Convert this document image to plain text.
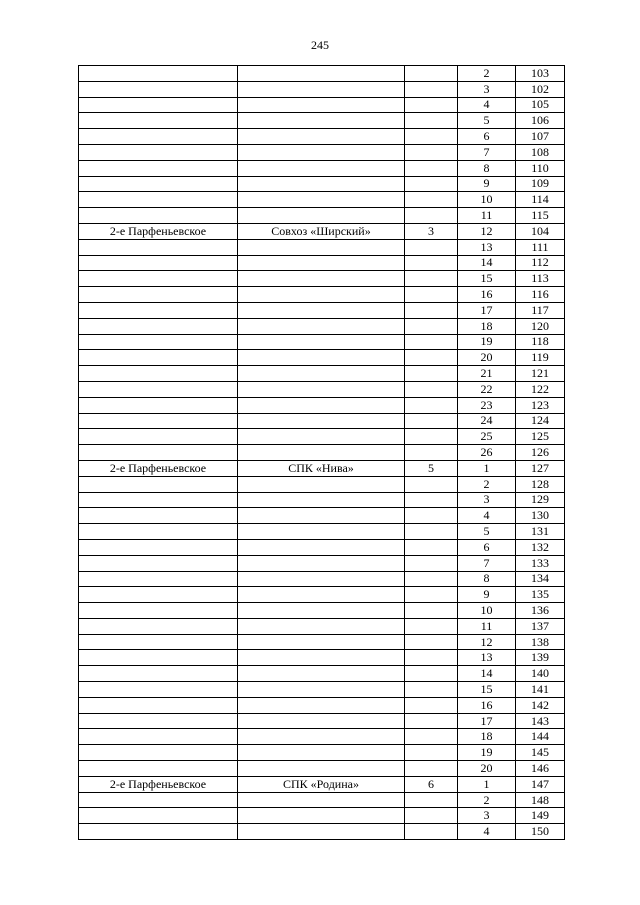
245
			2	103
			3	102
			4	105
			5	106
			6	107
			7	108
			8	110
			9	109
			10	114
			11	115
2-е Парфеньевское	Совхоз «Ширский»	3	12	104
			13	111
			14	112
			15	113
			16	116
			17	117
			18	120
			19	118
			20	119
			21	121
			22	122
			23	123
			24	124
			25	125
			26	126
2-е Парфеньевское	СПК «Нива»	5	1	127
			2	128
			3	129
			4	130
			5	131
			6	132
			7	133
			8	134
			9	135
			10	136
			11	137
			12	138
			13	139
			14	140
			15	141
			16	142
			17	143
			18	144
			19	145
			20	146
2-е Парфеньевское	СПК «Родина»	6	1	147
			2	148
			3	149
			4	150
